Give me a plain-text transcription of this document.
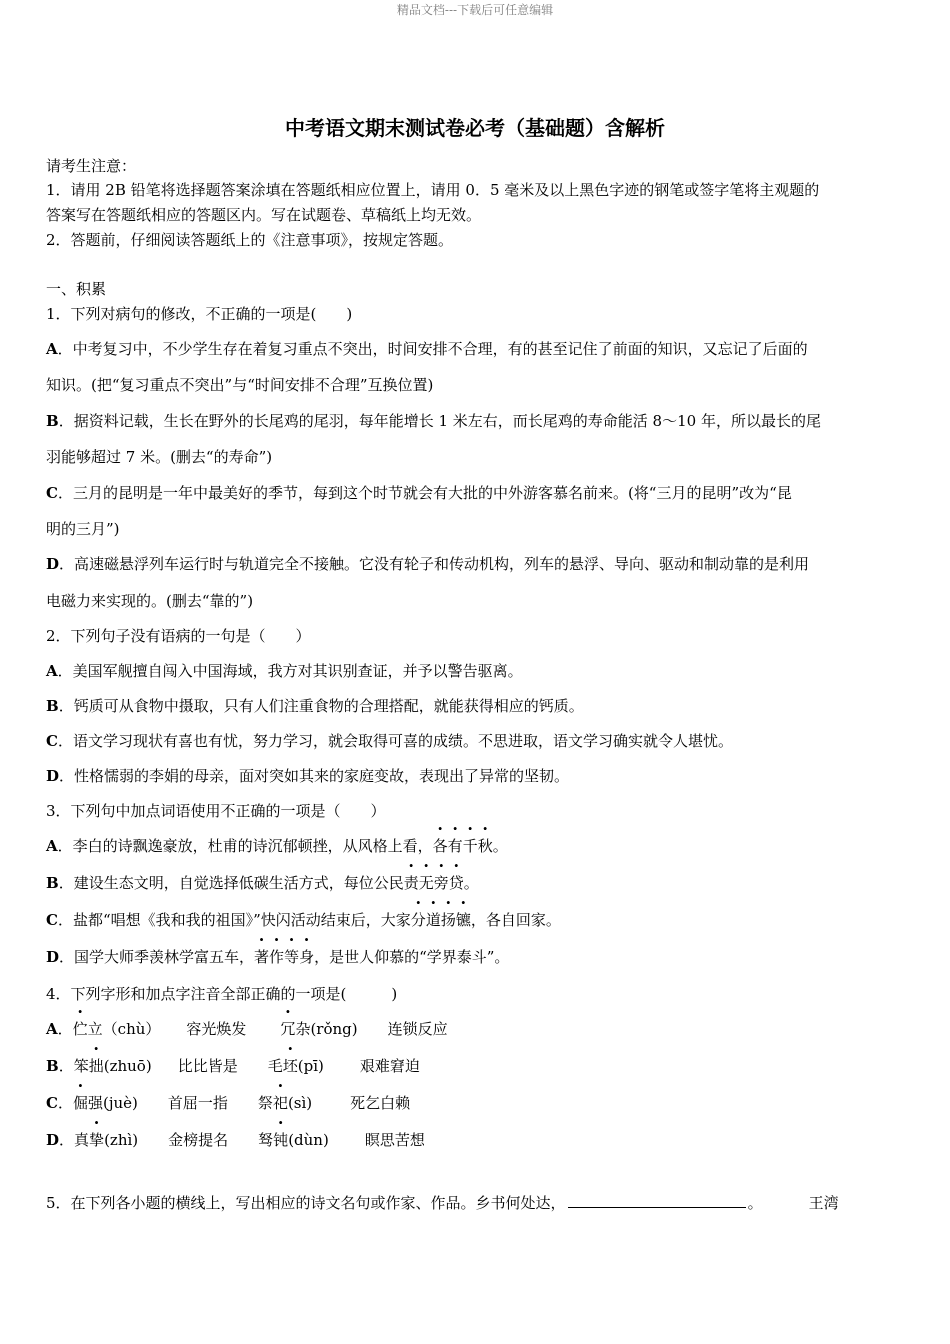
精品文档---下载后可任意编辑
中考语文期末测试卷必考（基础题）含解析
请考生注意：
1．请用 2B 铅笔将选择题答案涂填在答题纸相应位置上，请用 0．5 毫米及以上黑色字迹的钢笔或签字笔将主观题的
答案写在答题纸相应的答题区内。写在试题卷、草稿纸上均无效。
2．答题前，仔细阅读答题纸上的《注意事项》，按规定答题。
一、积累
1．下列对病句的修改，不正确的一项是(　　)
A．中考复习中，不少学生存在着复习重点不突出，时间安排不合理，有的甚至记住了前面的知识，又忘记了后面的
知识。(把“复习重点不突出”与“时间安排不合理”互换位置)
B．据资料记载，生长在野外的长尾鸡的尾羽，每年能增长 1 米左右，而长尾鸡的寿命能活 8～10 年，所以最长的尾
羽能够超过 7 米。(删去“的寿命”)
C．三月的昆明是一年中最美好的季节，每到这个时节就会有大批的中外游客慕名前来。(将“三月的昆明”改为“昆
明的三月”)
D．高速磁悬浮列车运行时与轨道完全不接触。它没有轮子和传动机构，列车的悬浮、导向、驱动和制动靠的是利用
电磁力来实现的。(删去“靠的”)
2．下列句子没有语病的一句是（　　）
A．美国军舰擅自闯入中国海域，我方对其识别查证，并予以警告驱离。
B．钙质可从食物中摄取，只有人们注重食物的合理搭配，就能获得相应的钙质。
C．语文学习现状有喜也有忧，努力学习，就会取得可喜的成绩。不思进取，语文学习确实就令人堪忧。
D．性格懦弱的李娟的母亲，面对突如其来的家庭变故，表现出了异常的坚韧。
3．下列句中加点词语使用不正确的一项是（　　）
A．李白的诗飘逸豪放，杜甫的诗沉郁顿挫，从风格上看，各有千秋。
B．建设生态文明，自觉选择低碳生活方式，每位公民责无旁贷。
C．盐都“唱想《我和我的祖国》”快闪活动结束后，大家分道扬镳，各自回家。
D．国学大师季羡林学富五车，著作等身，是世人仰慕的“学界泰斗”。
4．下列字形和加点字注音全部正确的一项是(　　　)
A．伫立（chù） 容光焕发 冗杂(rǒng) 连锁反应
B．笨拙(zhuō) 比比皆是 毛坯(pī) 艰难窘迫
C．倔强(juè) 首屈一指 祭祀(sì)	死乞白赖
D．真挚(zhì) 金榜提名 驽钝(dùn) 瞑思苦想
5．在下列各小题的横线上，写出相应的诗文名句或作家、作品。乡书何处达，	。	王湾
